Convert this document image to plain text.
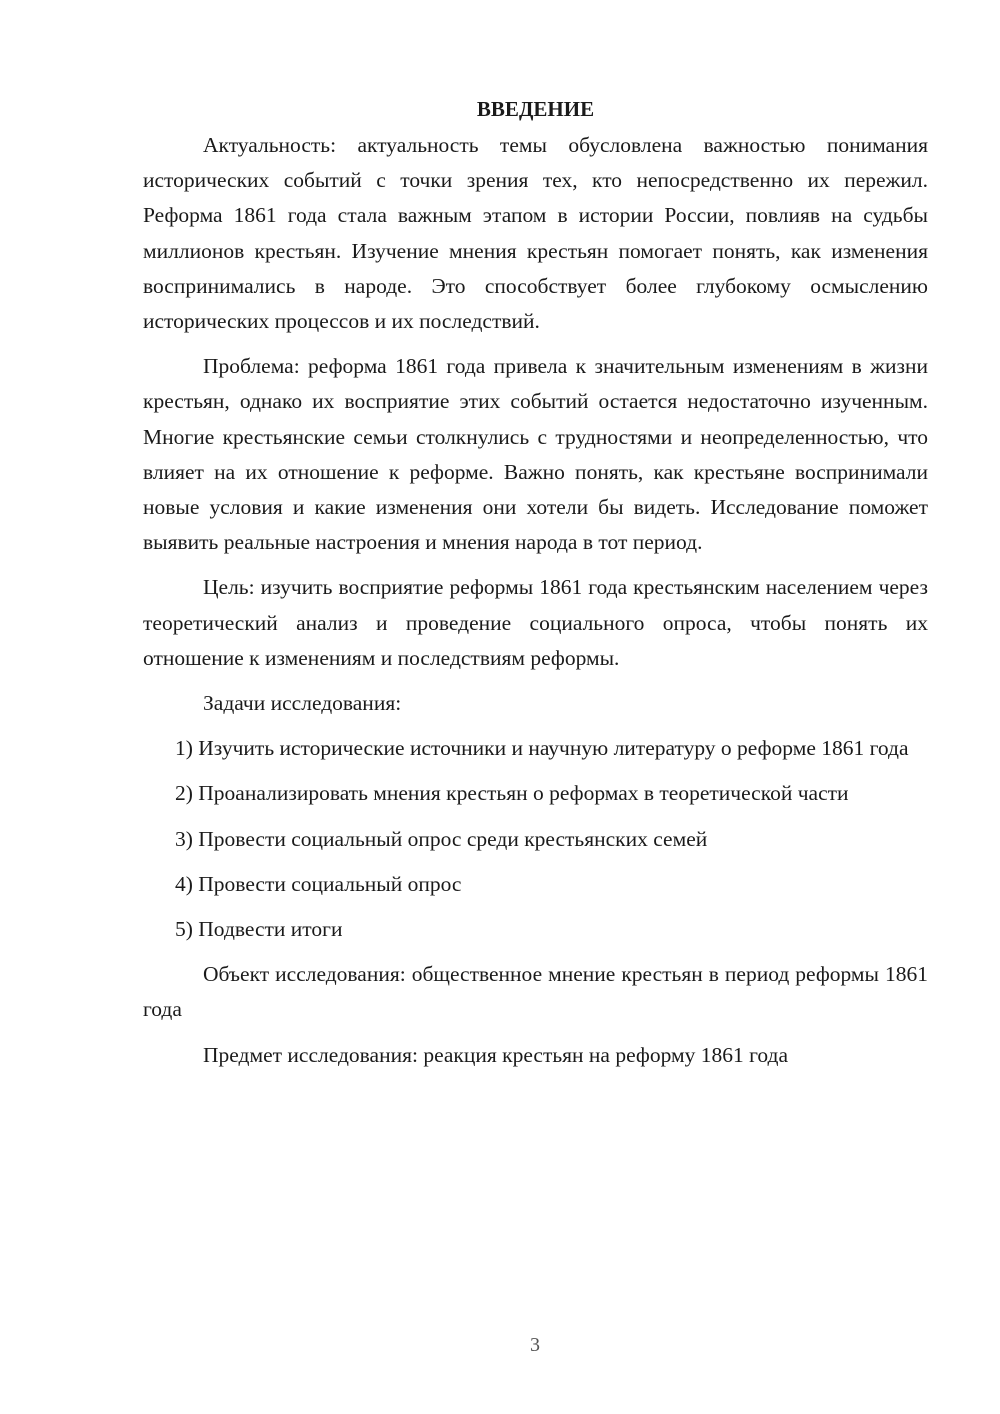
ВВЕДЕНИЕ

Актуальность: актуальность темы обусловлена важностью понимания исторических событий с точки зрения тех, кто непосредственно их пережил. Реформа 1861 года стала важным этапом в истории России, повлияв на судьбы миллионов крестьян. Изучение мнения крестьян помогает понять, как изменения воспринимались в народе. Это способствует более глубокому осмыслению исторических процессов и их последствий.

Проблема: реформа 1861 года привела к значительным изменениям в жизни крестьян, однако их восприятие этих событий остается недостаточно изученным. Многие крестьянские семьи столкнулись с трудностями и неопределенностью, что влияет на их отношение к реформе. Важно понять, как крестьяне воспринимали новые условия и какие изменения они хотели бы видеть. Исследование поможет выявить реальные настроения и мнения народа в тот период.

Цель: изучить восприятие реформы 1861 года крестьянским населением через теоретический анализ и проведение социального опроса, чтобы понять их отношение к изменениям и последствиям реформы.

Задачи исследования:

1) Изучить исторические источники и научную литературу о реформе 1861 года

2) Проанализировать мнения крестьян о реформах в теоретической части

3) Провести социальный опрос среди крестьянских семей

4) Провести социальный опрос

5) Подвести итоги

Объект исследования: общественное мнение крестьян в период реформы 1861 года

Предмет исследования: реакция крестьян на реформу 1861 года

3
